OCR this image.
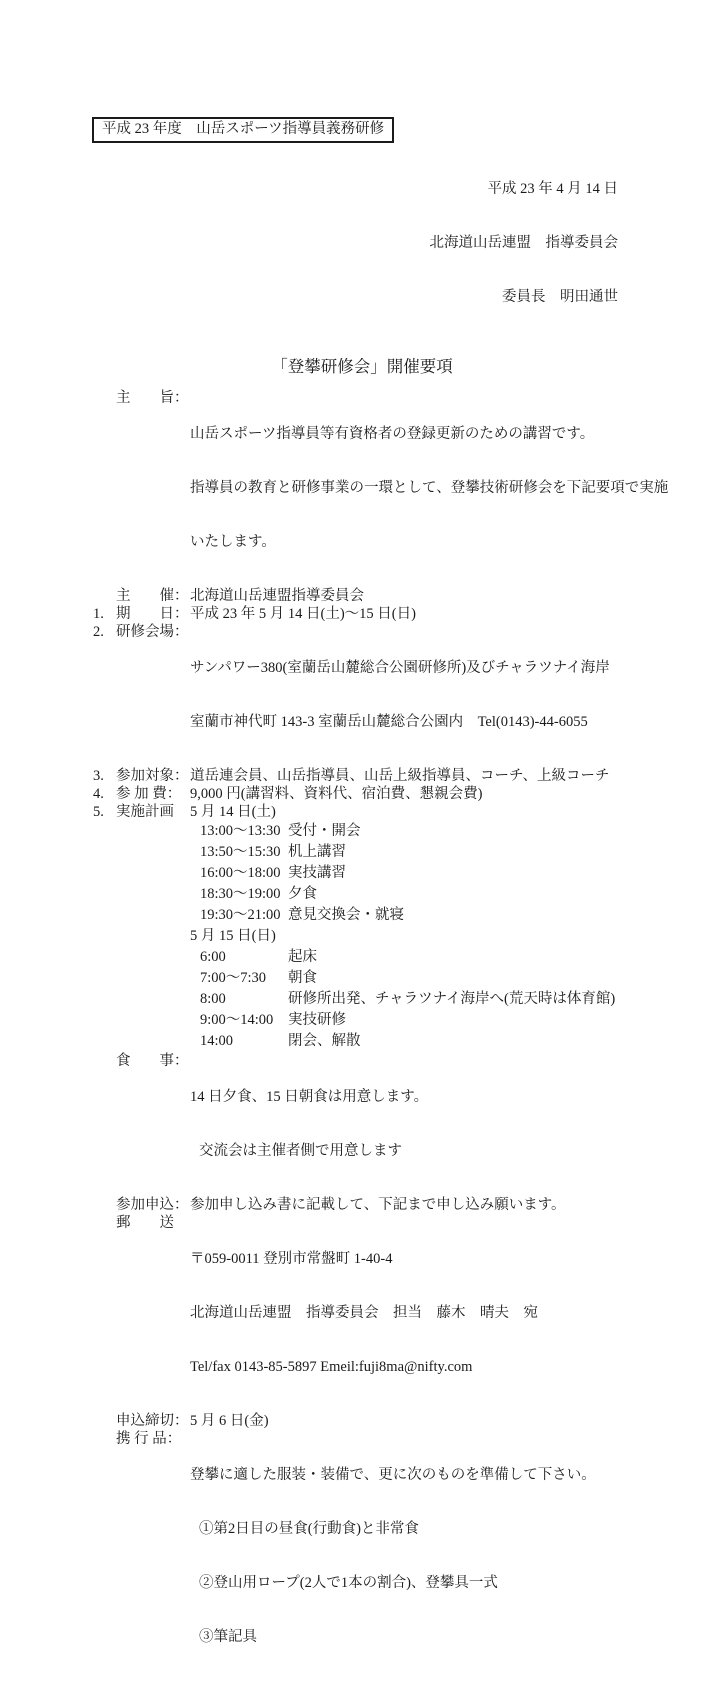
平成 23 年度　山岳スポーツ指導員義務研修

平成 23 年 4 月 14 日

北海道山岳連盟　指導委員会

委員長　明田通世

「登攀研修会」開催要項
主　　旨：

山岳スポーツ指導員等有資格者の登録更新のための講習です。

指導員の教育と研修事業の一環として、登攀技術研修会を下記要項で実施

いたします。

主　　催： 北海道山岳連盟指導委員会
1. 期　　日： 平成 23 年 5 月 14 日(土)～15 日(日)
2. 研修会場：

サンパワー380(室蘭岳山麓総合公園研修所)及びチャラツナイ海岸

室蘭市神代町 143-3 室蘭岳山麓総合公園内　Tel(0143)-44-6055

3. 参加対象： 道岳連会員、山岳指導員、山岳上級指導員、コーチ、上級コーチ
4. 参 加 費： 9,000 円(講習料、資料代、宿泊費、懇親会費)
5. 実施計画	5 月 14 日(土)
13:00～13:30 受付・開会
13:50～15:30 机上講習
16:00～18:00 実技講習
18:30～19:00 夕食
19:30～21:00 意見交換会・就寝
5 月 15 日(日)
6:00	起床
7:00～7:30	朝食
8:00	研修所出発、チャラツナイ海岸へ(荒天時は体育館)
9:00～14:00	実技研修
14:00	閉会、解散
食　　事：

14 日夕食、15 日朝食は用意します。

交流会は主催者側で用意します

参加申込： 参加申し込み書に記載して、下記まで申し込み願います。
郵　　送

〒059-0011 登別市常盤町 1-40-4

北海道山岳連盟　指導委員会　担当　藤木　晴夫　宛

Tel/fax 0143-85-5897 Emeil:fuji8ma@nifty.com

申込締切： 5 月 6 日(金)
携 行 品：

登攀に適した服装・装備で、更に次のものを準備して下さい。

①第2日目の昼食(行動食)と非常食

②登山用ロープ(2人で1本の割合)、登攀具一式

③筆記具
